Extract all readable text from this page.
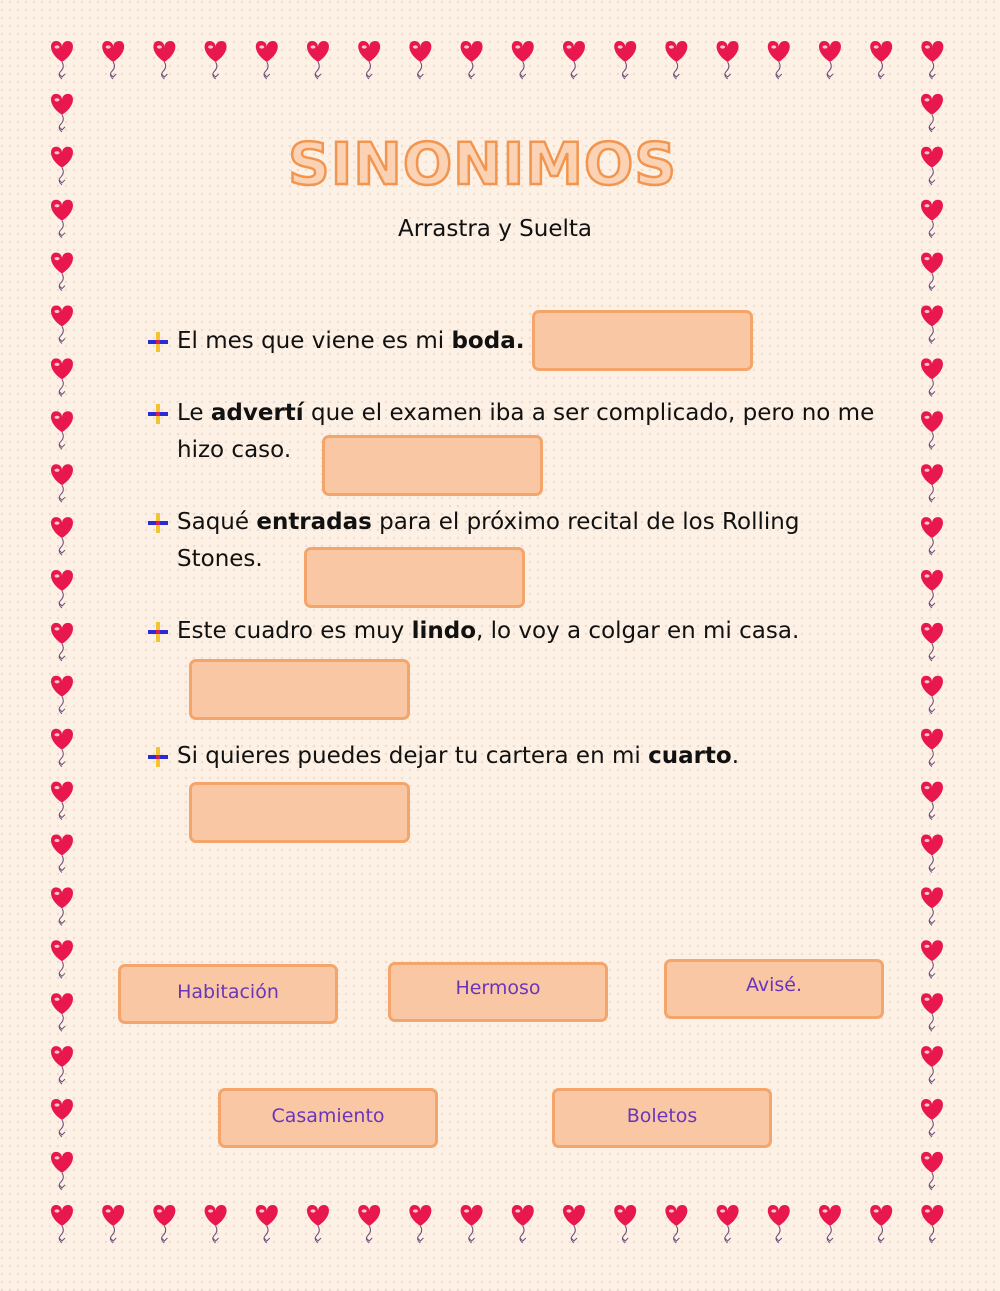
SINONIMOS
Arrastra y Suelta
El mes que viene es mi boda.
Le advertí que el examen iba a ser complicado, pero no me hizo caso.
Saqué entradas para el próximo recital de los Rolling Stones.
Este cuadro es muy lindo, lo voy a colgar en mi casa.
Si quieres puedes dejar tu cartera en mi cuarto.
Habitación	Hermoso	Avisé.
Casamiento	Boletos
